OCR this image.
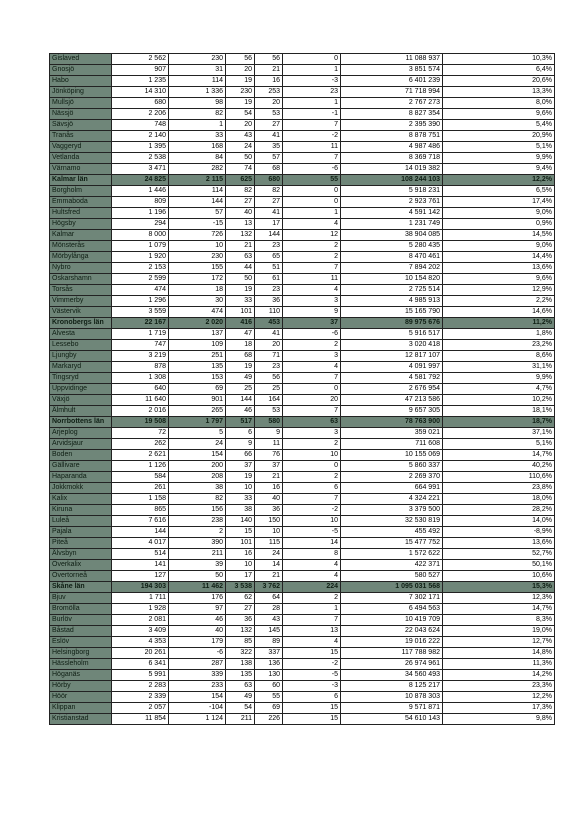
Gislaved	2 562	230	56	56	0	11 088 937	10,3%
Gnosjö	907	31	20	21	1	3 851 574	6,4%
Habo	1 235	114	19	16	-3	6 401 239	20,6%
Jönköping	14 310	1 336	230	253	23	71 718 994	13,3%
Mullsjö	680	98	19	20	1	2 767 273	8,0%
Nässjö	2 206	82	54	53	-1	8 827 354	9,6%
Sävsjö	748	1	20	27	7	2 395 390	5,4%
Tranås	2 140	33	43	41	-2	8 878 751	20,9%
Vaggeryd	1 395	168	24	35	11	4 987 486	5,1%
Vetlanda	2 538	84	50	57	7	8 369 718	9,9%
Värnamo	3 471	282	74	68	-6	14 019 382	9,4%
Kalmar län	24 825	2 115	625	680	55	108 244 103	12,2%
Borgholm	1 446	114	82	82	0	5 918 231	6,5%
Emmaboda	809	144	27	27	0	2 923 761	17,4%
Hultsfred	1 196	57	40	41	1	4 591 142	9,0%
Högsby	294	-15	13	17	4	1 231 749	0,9%
Kalmar	8 000	726	132	144	12	38 904 085	14,5%
Mönsterås	1 079	10	21	23	2	5 280 435	9,0%
Mörbylånga	1 920	230	63	65	2	8 470 461	14,4%
Nybro	2 153	155	44	51	7	7 894 202	13,6%
Oskarshamn	2 599	172	50	61	11	10 154 820	9,6%
Torsås	474	18	19	23	4	2 725 514	12,9%
Vimmerby	1 296	30	33	36	3	4 985 913	2,2%
Västervik	3 559	474	101	110	9	15 165 790	14,6%
Kronobergs län	22 167	2 020	416	453	37	89 975 676	11,2%
Alvesta	1 719	137	47	41	-6	5 916 517	1,8%
Lessebo	747	109	18	20	2	3 020 418	23,2%
Ljungby	3 219	251	68	71	3	12 817 107	8,6%
Markaryd	878	135	19	23	4	4 091 997	31,1%
Tingsryd	1 308	153	49	56	7	4 581 792	9,9%
Uppvidinge	640	69	25	25	0	2 676 954	4,7%
Växjö	11 640	901	144	164	20	47 213 586	10,2%
Älmhult	2 016	265	46	53	7	9 657 305	18,1%
Norrbottens län	19 508	1 797	517	580	63	78 763 900	18,7%
Arjeplog	72	5	6	9	3	359 021	37,1%
Arvidsjaur	262	24	9	11	2	711 608	5,1%
Boden	2 621	154	66	76	10	10 155 069	14,7%
Gällivare	1 126	200	37	37	0	5 860 337	40,2%
Haparanda	584	208	19	21	2	2 269 370	110,6%
Jokkmokk	261	38	10	16	6	664 991	23,8%
Kalix	1 158	82	33	40	7	4 324 221	18,0%
Kiruna	865	156	38	36	-2	3 379 500	28,2%
Luleå	7 616	238	140	150	10	32 530 819	14,0%
Pajala	144	2	15	10	-5	455 492	-8,9%
Piteå	4 017	390	101	115	14	15 477 752	13,6%
Älvsbyn	514	211	16	24	8	1 572 622	52,7%
Överkalix	141	39	10	14	4	422 371	50,1%
Övertorneå	127	50	17	21	4	580 527	10,6%
Skåne län	194 303	11 462	3 538	3 762	224	1 095 031 568	15,3%
Bjuv	1 711	176	62	64	2	7 302 171	12,3%
Bromölla	1 928	97	27	28	1	6 494 563	14,7%
Burlöv	2 081	46	36	43	7	10 419 709	8,3%
Båstad	3 409	40	132	145	13	22 043 624	19,0%
Eslöv	4 353	179	85	89	4	19 016 222	12,7%
Helsingborg	20 261	-6	322	337	15	117 788 982	14,8%
Hässleholm	6 341	287	138	136	-2	26 974 961	11,3%
Höganäs	5 991	339	135	130	-5	34 560 493	14,2%
Hörby	2 283	233	63	60	-3	8 125 217	23,3%
Höör	2 339	154	49	55	6	10 878 303	12,2%
Klippan	2 057	-104	54	69	15	9 571 871	17,3%
Kristianstad	11 854	1 124	211	226	15	54 610 143	9,8%
